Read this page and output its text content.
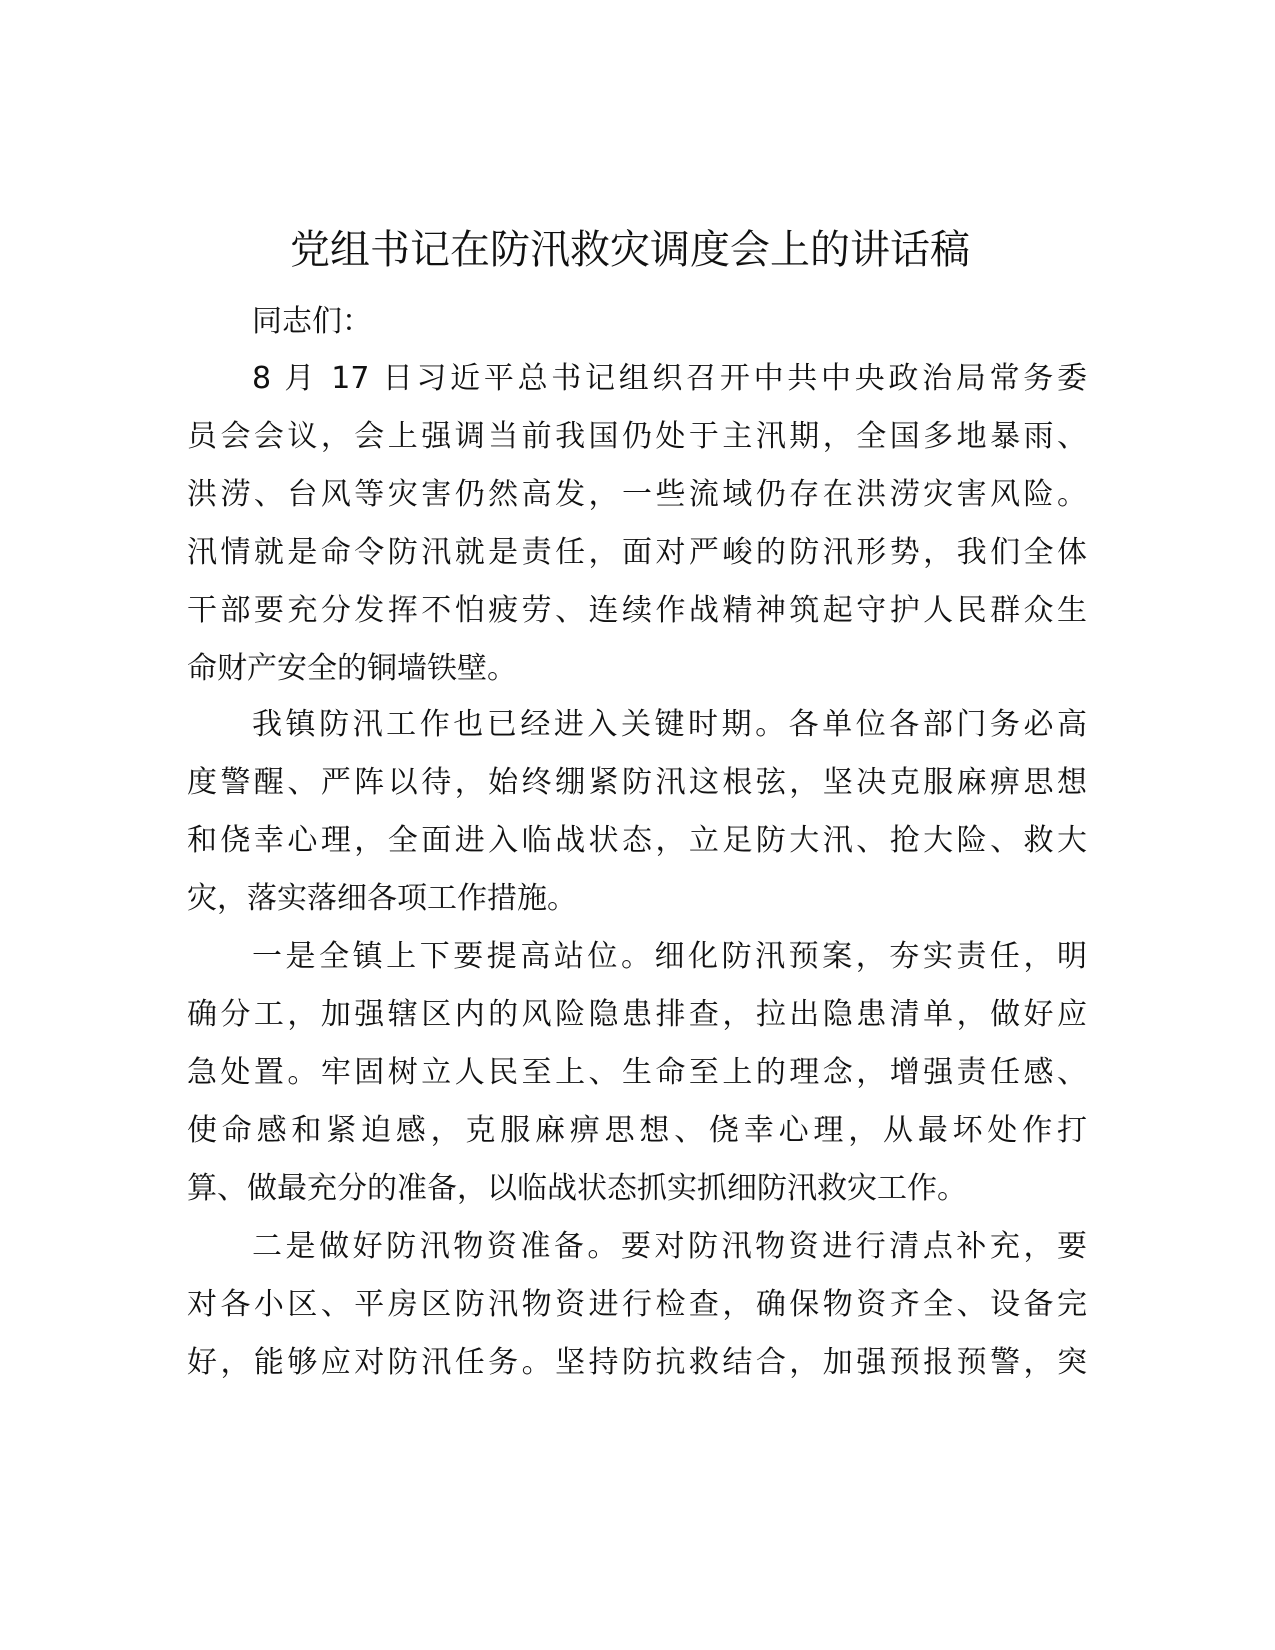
党组书记在防汛救灾调度会上的讲话稿

同志们：

8 月 17 日习近平总书记组织召开中共中央政治局常务委
员会会议，会上强调当前我国仍处于主汛期，全国多地暴雨、
洪涝、台风等灾害仍然高发，一些流域仍存在洪涝灾害风险。
汛情就是命令防汛就是责任，面对严峻的防汛形势，我们全体
干部要充分发挥不怕疲劳、连续作战精神筑起守护人民群众生
命财产安全的铜墙铁壁。
我镇防汛工作也已经进入关键时期。各单位各部门务必高
度警醒、严阵以待，始终绷紧防汛这根弦，坚决克服麻痹思想
和侥幸心理，全面进入临战状态，立足防大汛、抢大险、救大
灾，落实落细各项工作措施。
一是全镇上下要提高站位。细化防汛预案，夯实责任，明
确分工，加强辖区内的风险隐患排查，拉出隐患清单，做好应
急处置。牢固树立人民至上、生命至上的理念，增强责任感、
使命感和紧迫感，克服麻痹思想、侥幸心理，从最坏处作打
算、做最充分的准备，以临战状态抓实抓细防汛救灾工作。
二是做好防汛物资准备。要对防汛物资进行清点补充，要
对各小区、平房区防汛物资进行检查，确保物资齐全、设备完
好，能够应对防汛任务。坚持防抗救结合，加强预报预警，突
